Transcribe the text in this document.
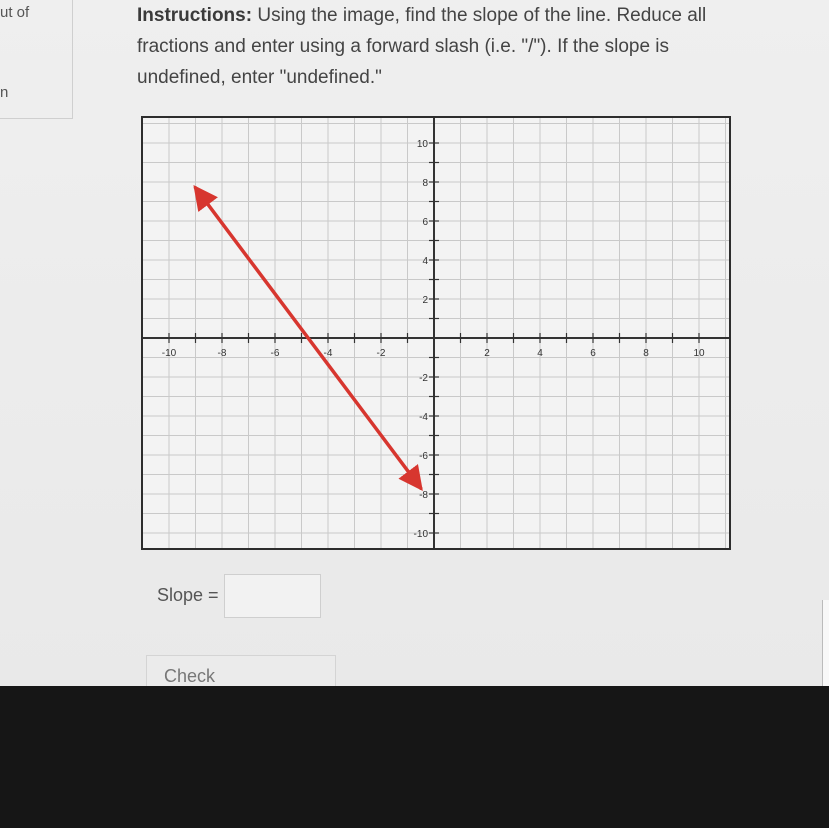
ut of
n
Instructions: Using the image, find the slope of the line. Reduce all
fractions and enter using a forward slash (i.e. "/"). If the slope is
undefined, enter "undefined."
-10	-8	-6	-4	-2	2	4	6	8	10
10
8
6
4
2
-2
-4
-6
-8
-10
Slope =
Check
